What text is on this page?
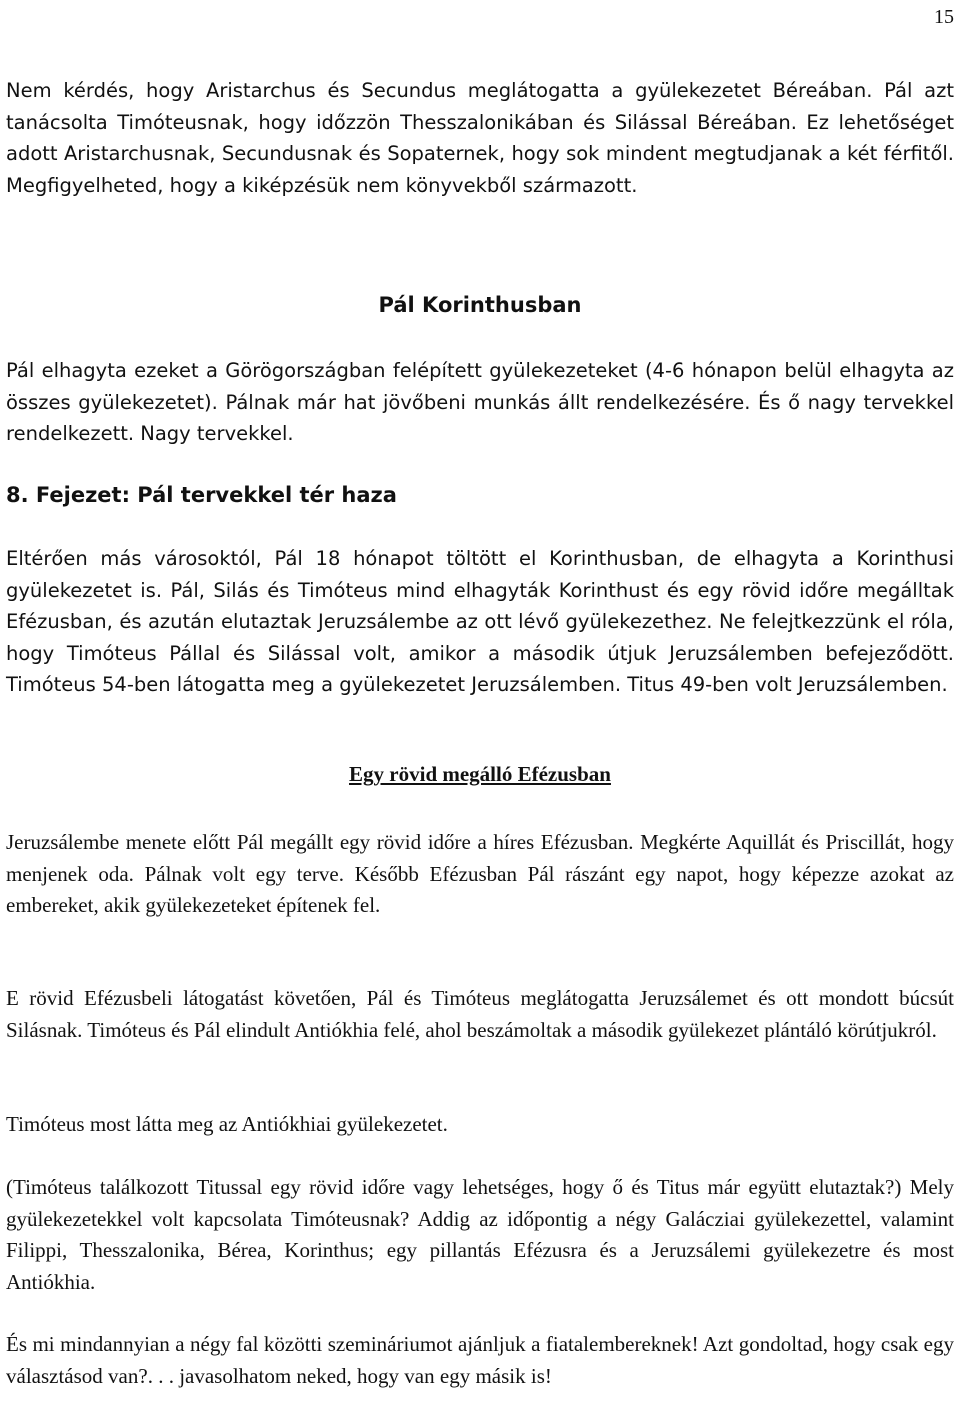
15

Nem kérdés, hogy Aristarchus és Secundus meglátogatta a gyülekezetet Béreában. Pál azt tanácsolta Timóteusnak, hogy időzzön Thesszalonikában és Silással Béreában. Ez lehetőséget adott Aristarchusnak, Secundusnak és Sopaternek, hogy sok mindent megtudjanak a két férfitől. Megfigyelheted, hogy a kiképzésük nem könyvekből származott.

Pál Korinthusban

Pál elhagyta ezeket a Görögországban felépített gyülekezeteket (4-6 hónapon belül elhagyta az összes gyülekezetet). Pálnak már hat jövőbeni munkás állt rendelkezésére. És ő nagy tervekkel rendelkezett. Nagy tervekkel.

8. Fejezet: Pál tervekkel tér haza

Eltérően más városoktól, Pál 18 hónapot töltött el Korinthusban, de elhagyta a Korinthusi gyülekezetet is. Pál, Silás és Timóteus mind elhagyták Korinthust és egy rövid időre megálltak Efézusban, és azután elutaztak Jeruzsálembe az ott lévő gyülekezethez. Ne felejtkezzünk el róla, hogy Timóteus Pállal és Silással volt, amikor a második útjuk Jeruzsálemben befejeződött. Timóteus 54-ben látogatta meg a gyülekezetet Jeruzsálemben. Titus 49-ben volt Jeruzsálemben.

Egy rövid megálló Efézusban

Jeruzsálembe menete előtt Pál megállt egy rövid időre a híres Efézusban. Megkérte Aquillát és Priscillát, hogy menjenek oda. Pálnak volt egy terve. Később Efézusban Pál rászánt egy napot, hogy képezze azokat az embereket, akik gyülekezeteket építenek fel.

E rövid Efézusbeli látogatást követően, Pál és Timóteus meglátogatta Jeruzsálemet és ott mondott búcsút Silásnak. Timóteus és Pál elindult Antiókhia felé, ahol beszámoltak a második gyülekezet plántáló körútjukról.

Timóteus most látta meg az Antiókhiai gyülekezetet.

(Timóteus találkozott Titussal egy rövid időre vagy lehetséges, hogy ő és Titus már együtt elutaztak?) Mely gyülekezetekkel volt kapcsolata Timóteusnak? Addig az időpontig a négy Galácziai gyülekezettel, valamint Filippi, Thesszalonika, Bérea, Korinthus; egy pillantás Efézusra és a Jeruzsálemi gyülekezetre és most Antiókhia.

És mi mindannyian a négy fal közötti szemináriumot ajánljuk a fiatalembereknek! Azt gondoltad, hogy csak egy választásod van?. . . javasolhatom neked, hogy van egy másik is!
